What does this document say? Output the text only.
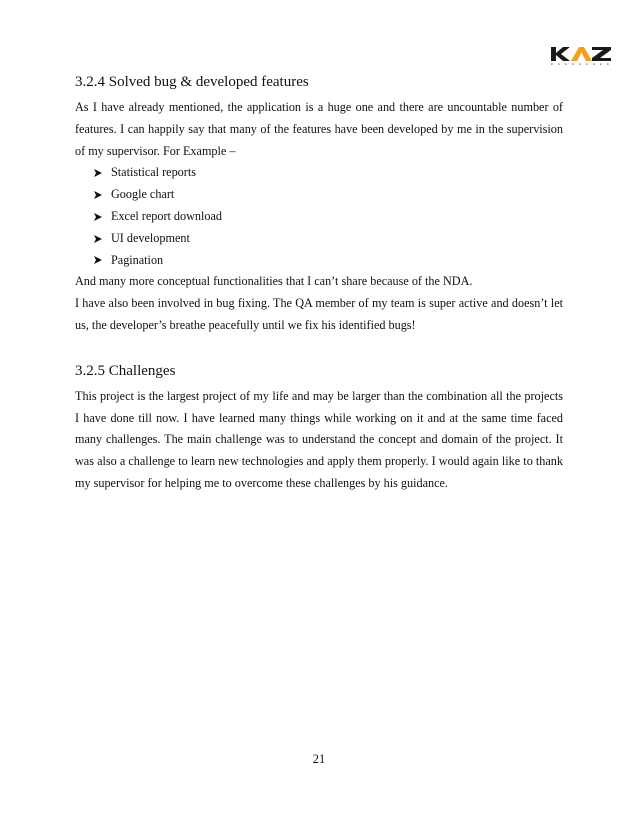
3.2.4 Solved bug & developed features

As I have already mentioned, the application is a huge one and there are uncountable number of features. I can happily say that many of the features have been developed by me in the supervision of my supervisor. For Example –

Statistical reports
Google chart
Excel report download
UI development
Pagination

And many more conceptual functionalities that I can’t share because of the NDA.

I have also been involved in bug fixing. The QA member of my team is super active and doesn’t let us, the developer’s breathe peacefully until we fix his identified bugs!

3.2.5 Challenges

This project is the largest project of my life and may be larger than the combination all the projects I have done till now. I have learned many things while working on it and at the same time faced many challenges. The main challenge was to understand the concept and domain of the project. It was also a challenge to learn new technologies and apply them properly. I would again like to thank my supervisor for helping me to overcome these challenges by his guidance.

21
